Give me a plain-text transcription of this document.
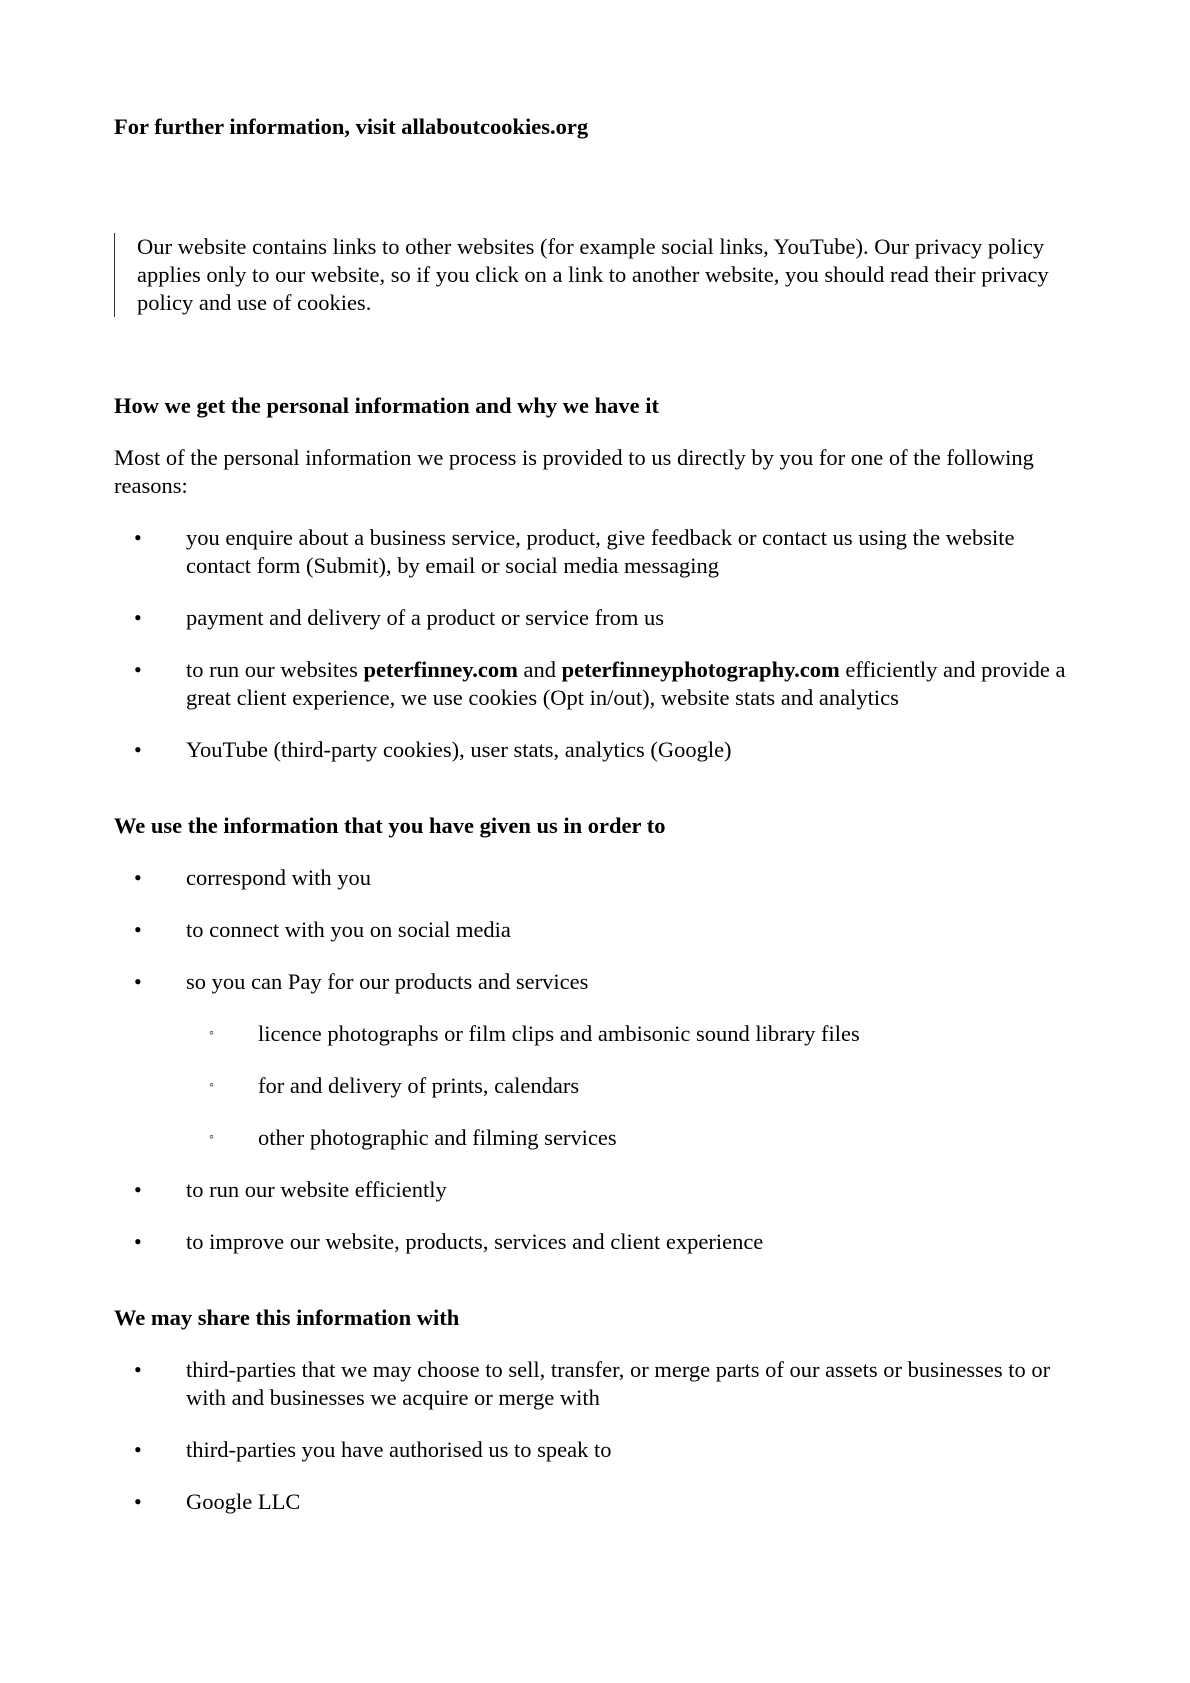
For further information, visit allaboutcookies.org

Our website contains links to other websites (for example social links, YouTube). Our privacy policy applies only to our website, so if you click on a link to another website, you should read their privacy policy and use of cookies.

How we get the personal information and why we have it

Most of the personal information we process is provided to us directly by you for one of the following reasons:

•	you enquire about a business service, product, give feedback or contact us using the website contact form (Submit), by email or social media messaging
•	payment and delivery of a product or service from us
•	to run our websites peterfinney.com and peterfinneyphotography.com efficiently and provide a great client experience, we use cookies (Opt in/out), website stats and analytics
•	YouTube (third-party cookies), user stats, analytics (Google)
We use the information that you have given us in order to
•	correspond with you
•	to connect with you on social media
•	so you can Pay for our products and services
◦ licence photographs or film clips and ambisonic sound library files
◦ for and delivery of prints, calendars
◦ other photographic and filming services
•	to run our website efficiently
•	to improve our website, products, services and client experience
We may share this information with
•	third-parties that we may choose to sell, transfer, or merge parts of our assets or businesses to or with and businesses we acquire or merge with
•	third-parties you have authorised us to speak to
•	Google LLC
